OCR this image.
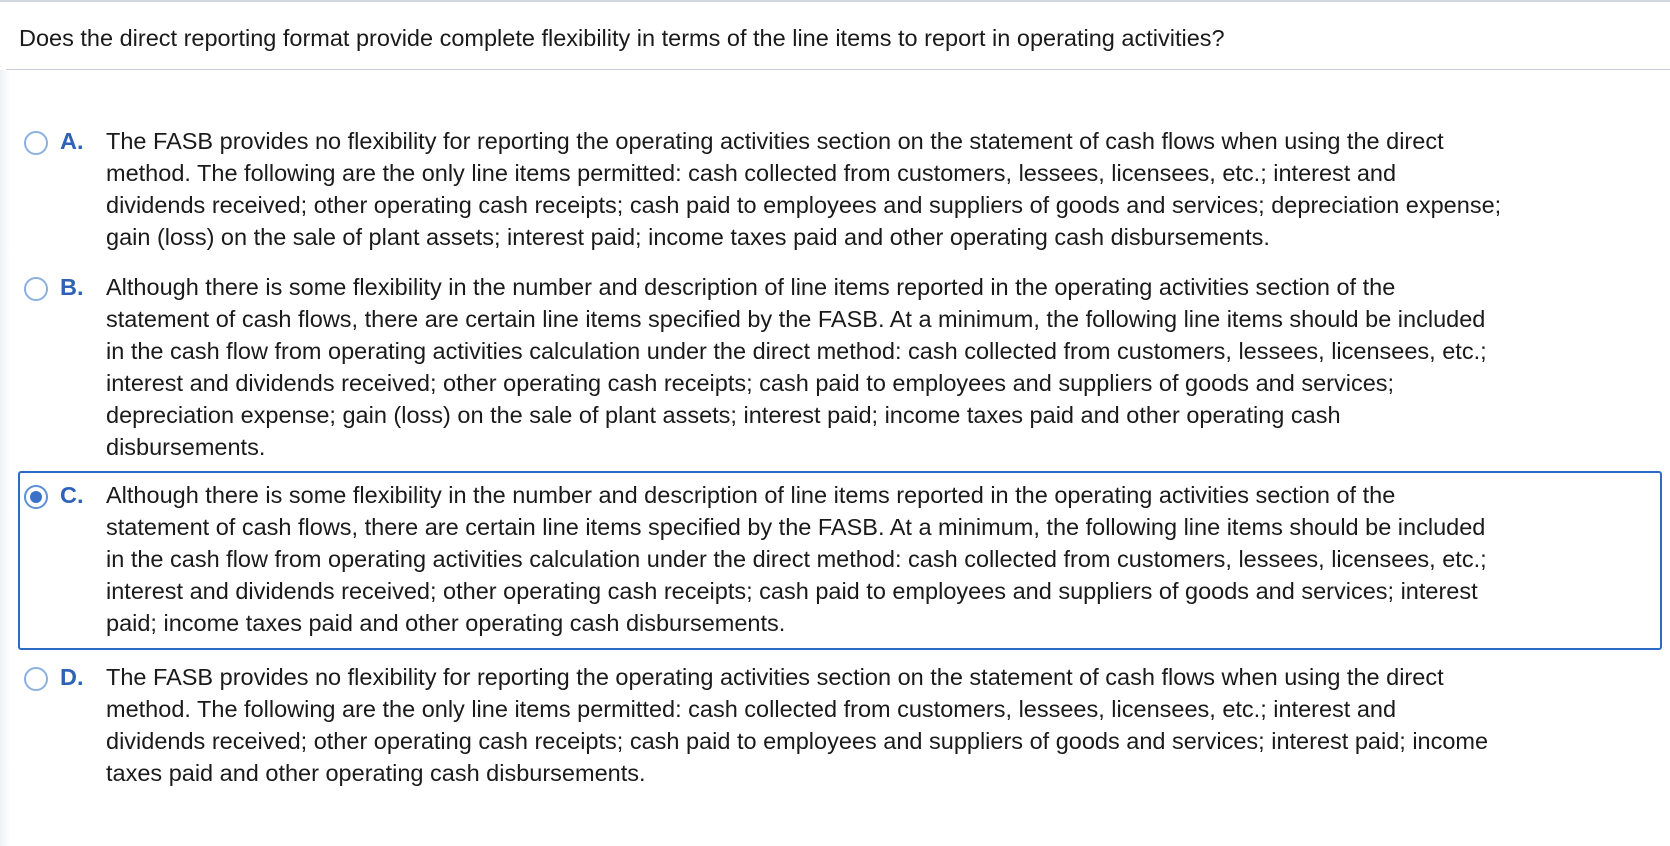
Does the direct reporting format provide complete flexibility in terms of the line items to report in operating activities?
A. The FASB provides no flexibility for reporting the operating activities section on the statement of cash flows when using the direct
method. The following are the only line items permitted: cash collected from customers, lessees, licensees, etc.; interest and
dividends received; other operating cash receipts; cash paid to employees and suppliers of goods and services; depreciation expense;
gain (loss) on the sale of plant assets; interest paid; income taxes paid and other operating cash disbursements.
B. Although there is some flexibility in the number and description of line items reported in the operating activities section of the
statement of cash flows, there are certain line items specified by the FASB. At a minimum, the following line items should be included
in the cash flow from operating activities calculation under the direct method: cash collected from customers, lessees, licensees, etc.;
interest and dividends received; other operating cash receipts; cash paid to employees and suppliers of goods and services;
depreciation expense; gain (loss) on the sale of plant assets; interest paid; income taxes paid and other operating cash
disbursements.
C. Although there is some flexibility in the number and description of line items reported in the operating activities section of the
statement of cash flows, there are certain line items specified by the FASB. At a minimum, the following line items should be included
in the cash flow from operating activities calculation under the direct method: cash collected from customers, lessees, licensees, etc.;
interest and dividends received; other operating cash receipts; cash paid to employees and suppliers of goods and services; interest
paid; income taxes paid and other operating cash disbursements.
D. The FASB provides no flexibility for reporting the operating activities section on the statement of cash flows when using the direct
method. The following are the only line items permitted: cash collected from customers, lessees, licensees, etc.; interest and
dividends received; other operating cash receipts; cash paid to employees and suppliers of goods and services; interest paid; income
taxes paid and other operating cash disbursements.
